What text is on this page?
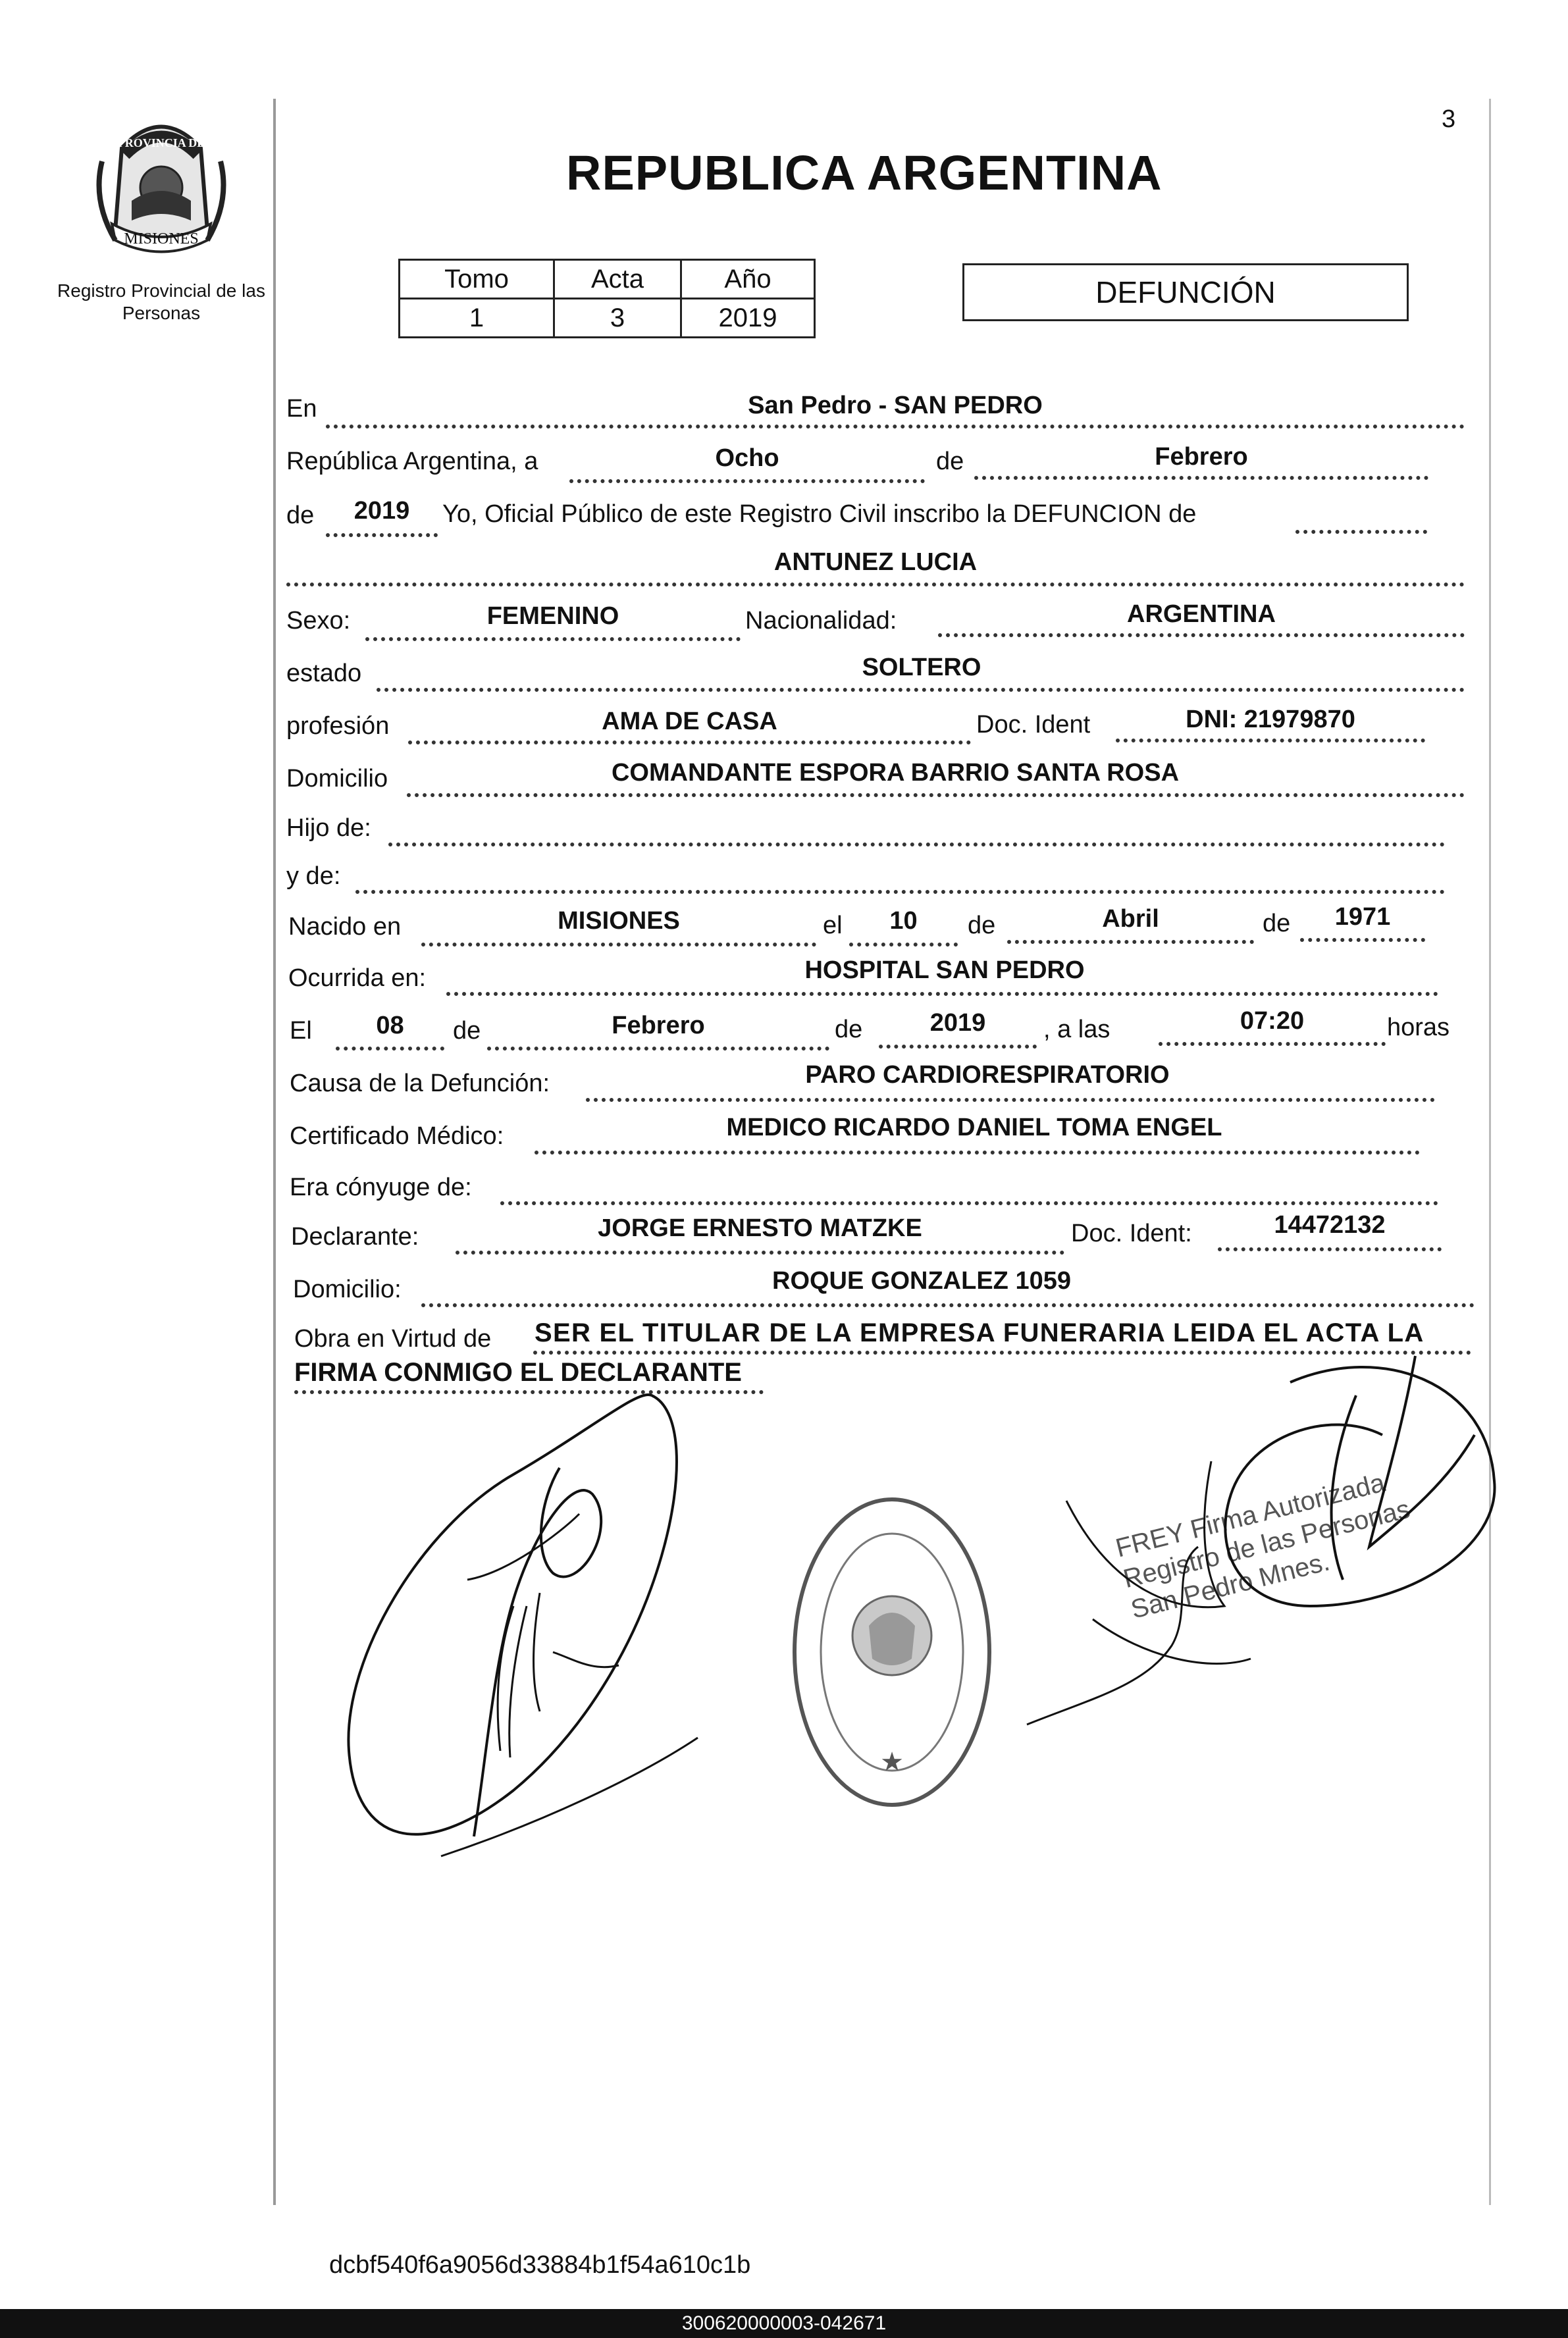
3
PROVINCIA DE
MISIONES
Registro Provincial de las Personas
REPUBLICA ARGENTINA
Tomo	Acta	Año
1	3	2019
DEFUNCIÓN
En	San Pedro - SAN PEDRO
República Argentina, a	Ocho	de	Febrero
de	2019	Yo, Oficial Público de este Registro Civil inscribo la DEFUNCION de
ANTUNEZ LUCIA
Sexo:	FEMENINO	Nacionalidad:	ARGENTINA
estado	SOLTERO
profesión	AMA DE CASA	Doc. Ident	DNI: 21979870
Domicilio	COMANDANTE ESPORA BARRIO SANTA ROSA
Hijo de:
y de:
Nacido en	MISIONES	el	10	de	Abril	de	1971
Ocurrida en:	HOSPITAL SAN PEDRO
El	08	de	Febrero	de	2019	, a las	07:20	horas
Causa de la Defunción:	PARO CARDIORESPIRATORIO
Certificado Médico:	MEDICO RICARDO DANIEL TOMA ENGEL
Era cónyuge de:
Declarante:	JORGE ERNESTO MATZKE	Doc. Ident:	14472132
Domicilio:	ROQUE GONZALEZ 1059
Obra en Virtud de SER EL TITULAR DE LA EMPRESA FUNERARIA LEIDA EL ACTA LA
FIRMA CONMIGO EL DECLARANTE
★
FREY Firma Autorizada Registro de las Personas San Pedro Mnes.
dcbf540f6a9056d33884b1f54a610c1b
300620000003-042671
